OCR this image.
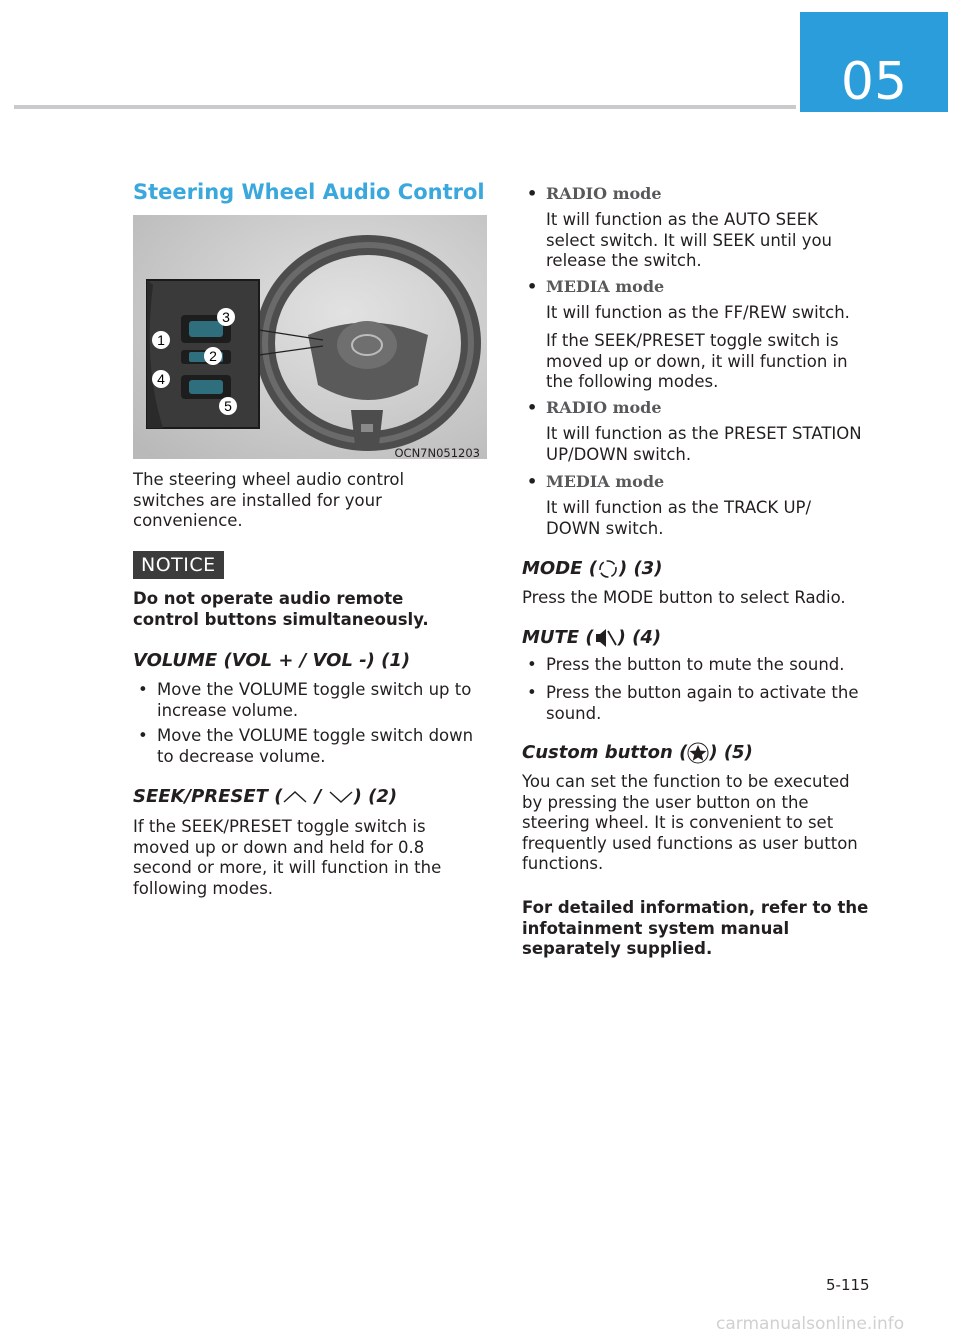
05
Steering Wheel Audio Control
3
1
2
4
5
OCN7N051203
The steering wheel audio control switches are installed for your convenience.
NOTICE
Do not operate audio remote control buttons simultaneously.
VOLUME (VOL + / VOL -) (1)
• Move the VOLUME toggle switch up to increase volume.
• Move the VOLUME toggle switch down to decrease volume.
SEEK/PRESET ( / ) (2)
If the SEEK/PRESET toggle switch is moved up or down and held for 0.8 second or more, it will function in the following modes.
• RADIO mode
It will function as the AUTO SEEK select switch. It will SEEK until you release the switch.
• MEDIA mode
It will function as the FF/REW switch.
If the SEEK/PRESET toggle switch is moved up or down, it will function in the following modes.
• RADIO mode
It will function as the PRESET STATION UP/DOWN switch.
• MEDIA mode
It will function as the TRACK UP/ DOWN switch.
MODE ( ) (3)
Press the MODE button to select Radio.
MUTE ( ) (4)
• Press the button to mute the sound.
• Press the button again to activate the sound.
Custom button ( ) (5)
You can set the function to be executed by pressing the user button on the steering wheel. It is convenient to set frequently used functions as user button functions.
For detailed information, refer to the infotainment system manual separately supplied.
5-115
carmanualsonline.info
